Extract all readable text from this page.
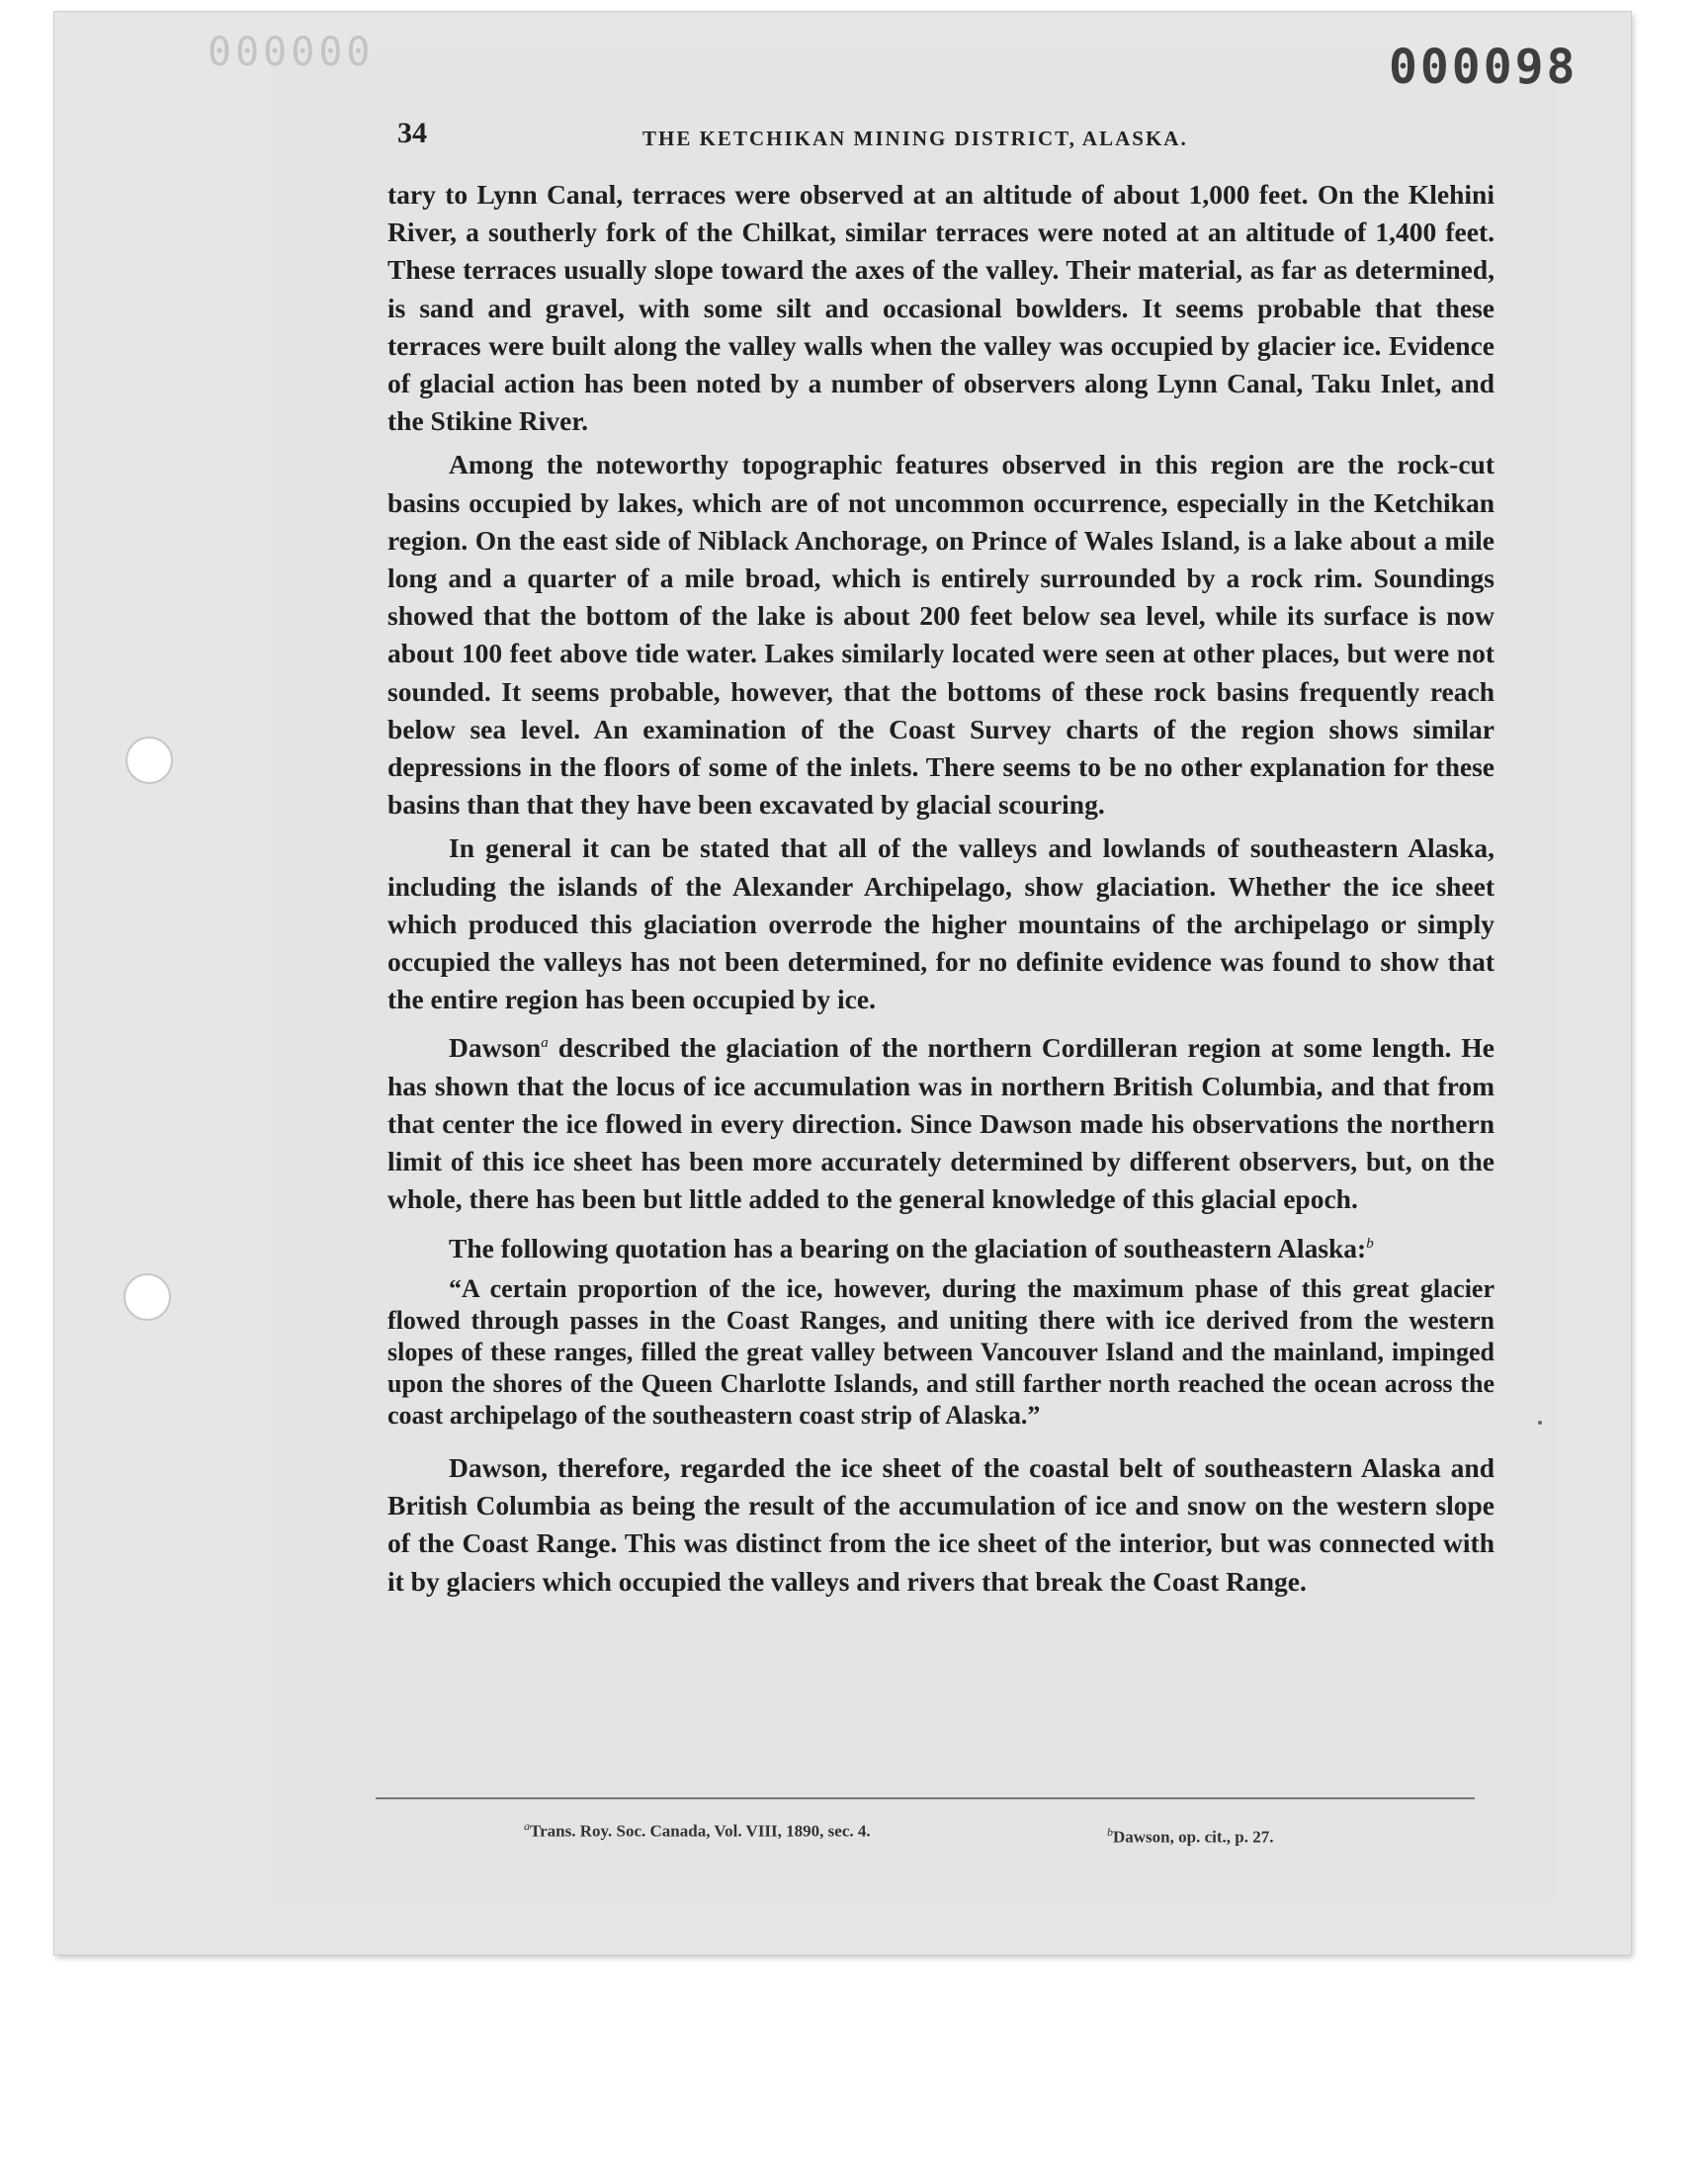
000000	000098
34	THE KETCHIKAN MINING DISTRICT, ALASKA.

tary to Lynn Canal, terraces were observed at an altitude of about 1,000 feet. On the Klehini River, a southerly fork of the Chilkat, similar terraces were noted at an altitude of 1,400 feet. These terraces usually slope toward the axes of the valley. Their material, as far as determined, is sand and gravel, with some silt and occasional bowlders. It seems probable that these terraces were built along the valley walls when the valley was occupied by glacier ice. Evidence of glacial action has been noted by a number of observers along Lynn Canal, Taku Inlet, and the Stikine River.

Among the noteworthy topographic features observed in this region are the rock-cut basins occupied by lakes, which are of not uncommon occurrence, especially in the Ketchikan region. On the east side of Niblack Anchorage, on Prince of Wales Island, is a lake about a mile long and a quarter of a mile broad, which is entirely surrounded by a rock rim. Soundings showed that the bottom of the lake is about 200 feet below sea level, while its surface is now about 100 feet above tide water. Lakes similarly located were seen at other places, but were not sounded. It seems probable, however, that the bottoms of these rock basins frequently reach below sea level. An examination of the Coast Survey charts of the region shows similar depressions in the floors of some of the inlets. There seems to be no other explanation for these basins than that they have been excavated by glacial scouring.

In general it can be stated that all of the valleys and lowlands of southeastern Alaska, including the islands of the Alexander Archipelago, show glaciation. Whether the ice sheet which produced this glaciation overrode the higher mountains of the archipelago or simply occupied the valleys has not been determined, for no definite evidence was found to show that the entire region has been occupied by ice.

Dawson$^a$ described the glaciation of the northern Cordilleran region at some length. He has shown that the locus of ice accumulation was in northern British Columbia, and that from that center the ice flowed in every direction. Since Dawson made his observations the northern limit of this ice sheet has been more accurately determined by different observers, but, on the whole, there has been but little added to the general knowledge of this glacial epoch.

The following quotation has a bearing on the glaciation of southeastern Alaska:$^b$

“A certain proportion of the ice, however, during the maximum phase of this great glacier flowed through passes in the Coast Ranges, and uniting there with ice derived from the western slopes of these ranges, filled the great valley between Vancouver Island and the mainland, impinged upon the shores of the Queen Charlotte Islands, and still farther north reached the ocean across the coast archipelago of the southeastern coast strip of Alaska.”

Dawson, therefore, regarded the ice sheet of the coastal belt of southeastern Alaska and British Columbia as being the result of the accumulation of ice and snow on the western slope of the Coast Range. This was distinct from the ice sheet of the interior, but was connected with it by glaciers which occupied the valleys and rivers that break the Coast Range.

$^a$Trans. Roy. Soc. Canada, Vol. VIII, 1890, sec. 4.	$^b$Dawson, op. cit., p. 27.
